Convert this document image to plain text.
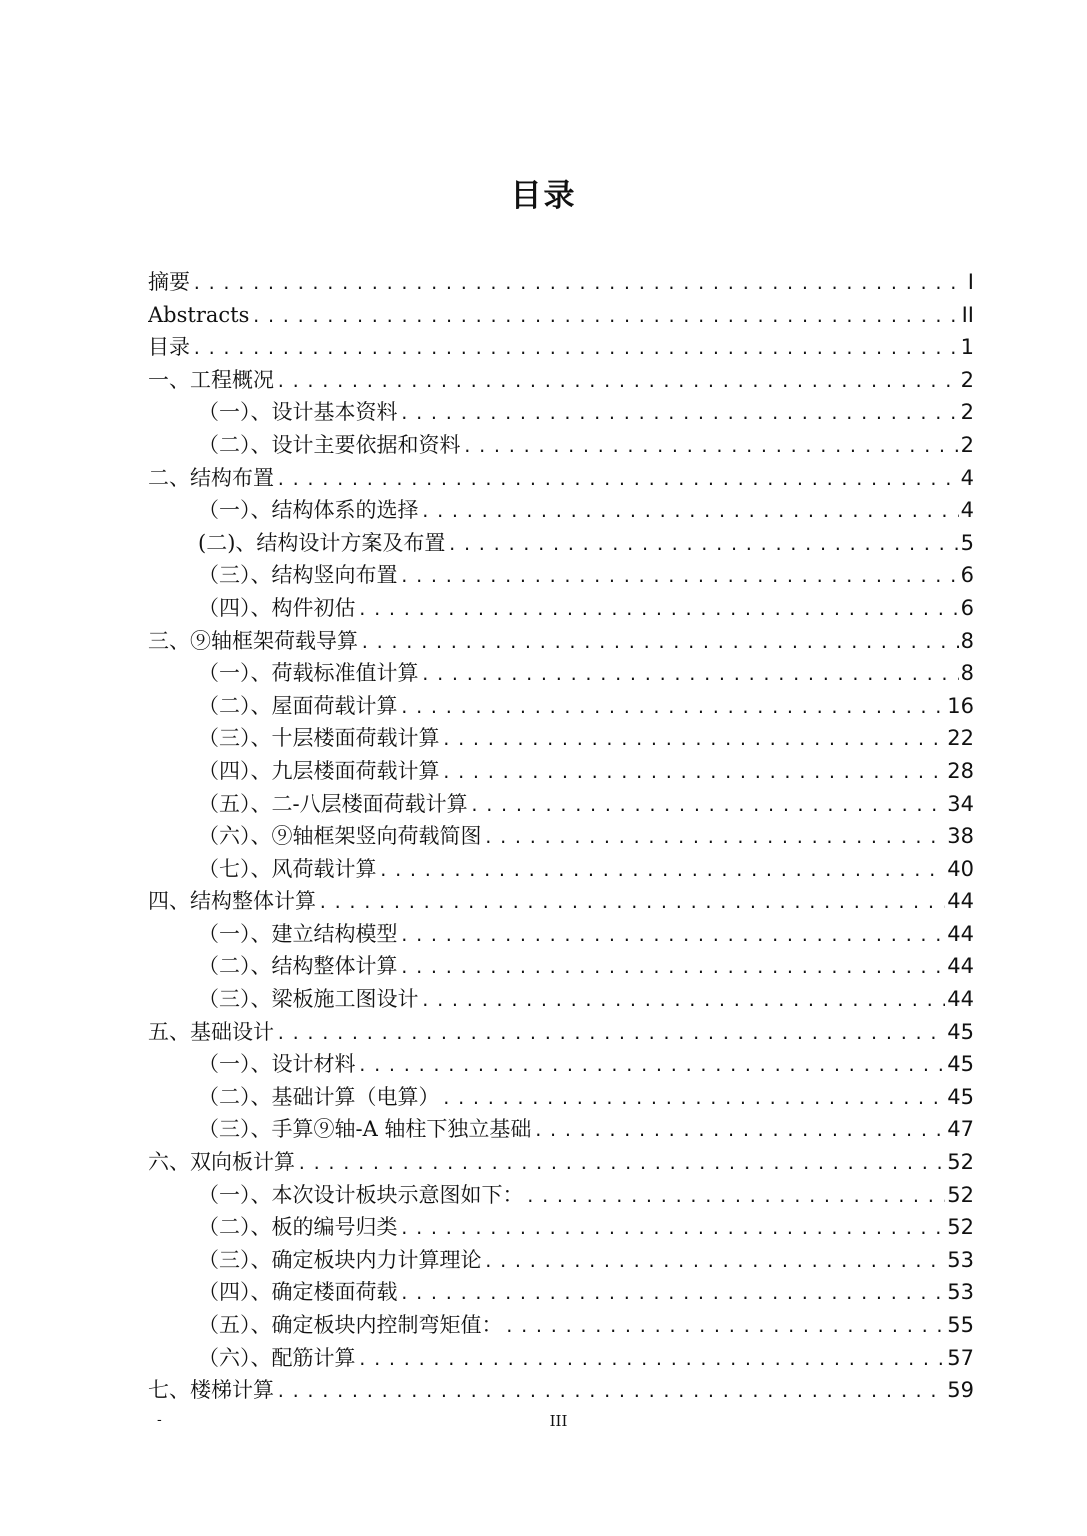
目录
摘要 .....	I
Abstracts .....	II
目录 .....	1
一、工程概况 .....	2
（一）、设计基本资料 .....	2
（二）、设计主要依据和资料 .....	2
二、结构布置 .....	4
（一）、结构体系的选择 .....	4
(二)、结构设计方案及布置 .....	5
（三）、结构竖向布置 .....	6
（四）、构件初估 .....	6
三、⑨轴框架荷载导算 .....	8
（一）、荷载标准值计算 .....	8
（二）、屋面荷载计算 .....	16
（三）、十层楼面荷载计算 .....	22
（四）、九层楼面荷载计算 .....	28
（五）、二-八层楼面荷载计算 .....	34
（六）、⑨轴框架竖向荷载简图 .....	38
（七）、风荷载计算 .....	40
四、结构整体计算 .....	44
（一）、建立结构模型 .....	44
（二）、结构整体计算 .....	44
（三）、梁板施工图设计 .....	44
五、基础设计 .....	45
（一）、设计材料 .....	45
（二）、基础计算（电算） .....	45
（三）、手算⑨轴-A 轴柱下独立基础 .....	47
六、双向板计算 .....	52
（一）、本次设计板块示意图如下： .....	52
（二）、板的编号归类 .....	52
（三）、确定板块内力计算理论 .....	53
（四）、确定楼面荷载 .....	53
（五）、确定板块内控制弯矩值： .....	55
（六）、配筋计算 .....	57
七、楼梯计算 .....	59
-	III
